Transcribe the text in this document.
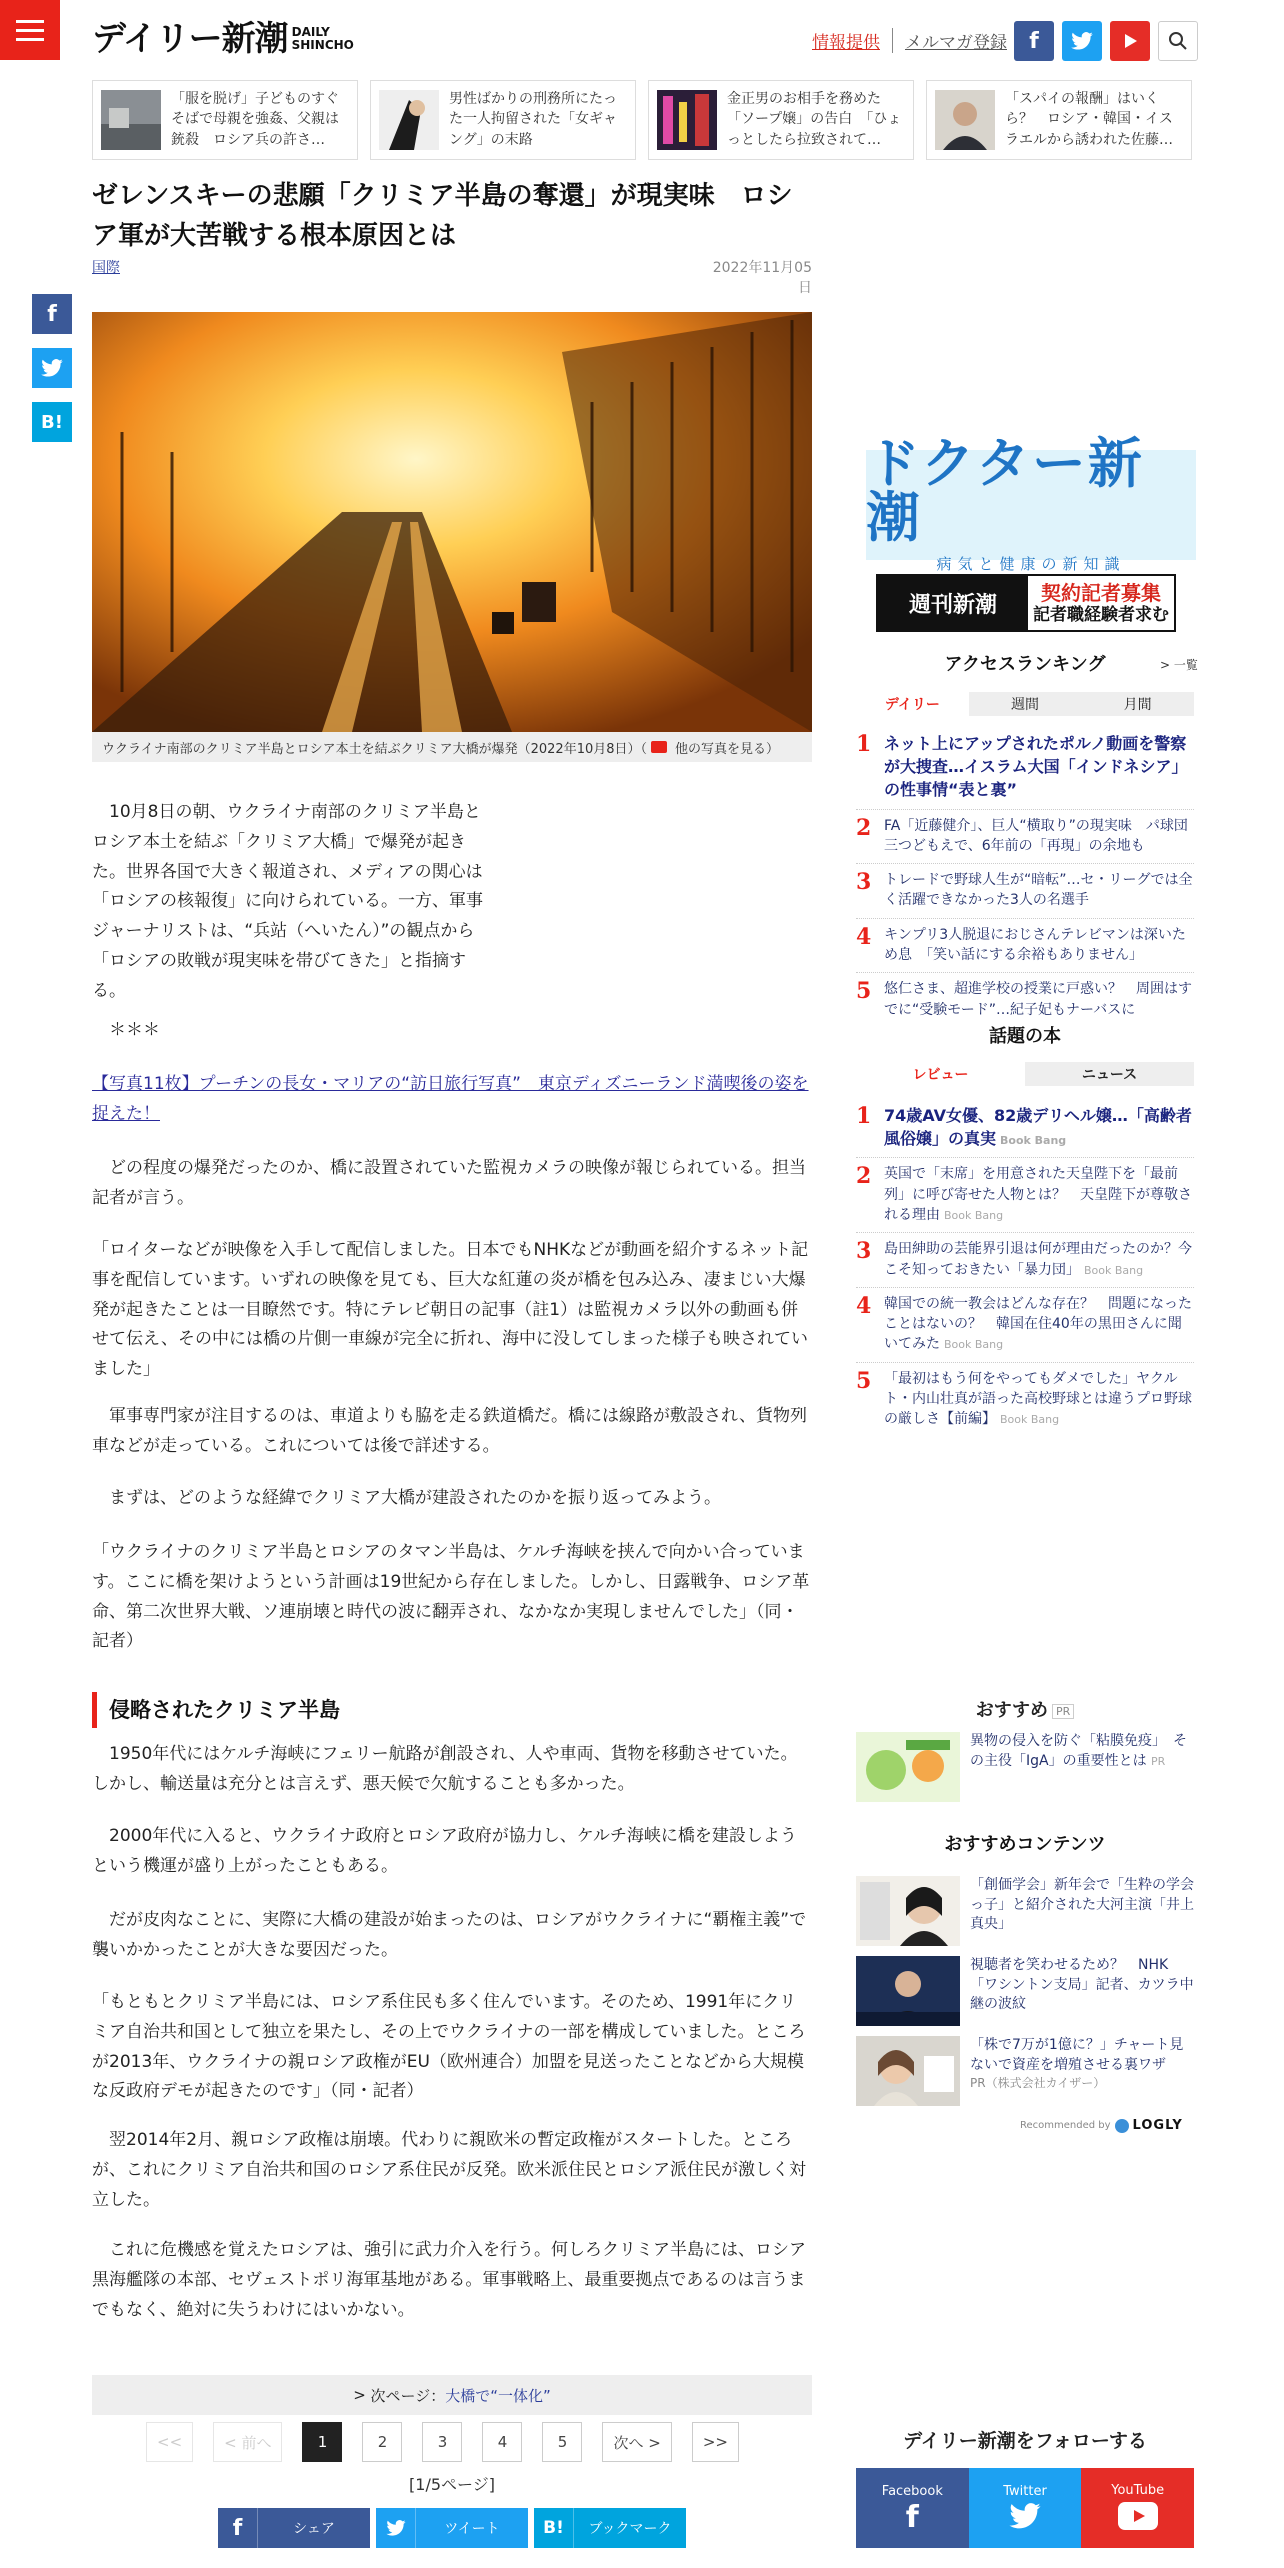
デイリー新潮 DAILY
SHINCHO	情報提供	メルマガ登録	f
「服を脱げ」子どものすぐそばで母親を強姦、父親は銃殺　ロシア兵の許さ…
男性ばかりの刑務所にたった一人拘留された「女ギャング」の末路
金正男のお相手を務めた「ソープ嬢」の告白　「ひょっとしたら拉致されて…
「スパイの報酬」はいくら？　ロシア・韓国・イスラエルから誘われた佐藤…
f
B!
ゼレンスキーの悲願「クリミア半島の奪還」が現実味　ロシア軍が大苦戦する根本原因とは
国際	2022年11月05日
ウクライナ南部のクリミア半島とロシア本土を結ぶクリミア大橋が爆発（2022年10月8日）（ 他の写真を見る）

　10月8日の朝、ウクライナ南部のクリミア半島とロシア本土を結ぶ「クリミア大橋」で爆発が起きた。世界各国で大きく報道され、メディアの関心は「ロシアの核報復」に向けられている。一方、軍事ジャーナリストは、“兵站（へいたん）”の観点から「ロシアの敗戦が現実味を帯びてきた」と指摘する。

　＊＊＊

【写真11枚】プーチンの長女・マリアの“訪日旅行写真”　東京ディズニーランド満喫後の姿を捉えた！

　どの程度の爆発だったのか、橋に設置されていた監視カメラの映像が報じられている。担当記者が言う。

「ロイターなどが映像を入手して配信しました。日本でもNHKなどが動画を紹介するネット記事を配信しています。いずれの映像を見ても、巨大な紅蓮の炎が橋を包み込み、凄まじい大爆発が起きたことは一目瞭然です。特にテレビ朝日の記事（註1）は監視カメラ以外の動画も併せて伝え、その中には橋の片側一車線が完全に折れ、海中に没してしまった様子も映されていました」

　軍事専門家が注目するのは、車道よりも脇を走る鉄道橋だ。橋には線路が敷設され、貨物列車などが走っている。これについては後で詳述する。

　まずは、どのような経緯でクリミア大橋が建設されたのかを振り返ってみよう。

「ウクライナのクリミア半島とロシアのタマン半島は、ケルチ海峡を挟んで向かい合っています。ここに橋を架けようという計画は19世紀から存在しました。しかし、日露戦争、ロシア革命、第二次世界大戦、ソ連崩壊と時代の波に翻弄され、なかなか実現しませんでした」（同・記者）

侵略されたクリミア半島

　1950年代にはケルチ海峡にフェリー航路が創設され、人や車両、貨物を移動させていた。しかし、輸送量は充分とは言えず、悪天候で欠航することも多かった。

　2000年代に入ると、ウクライナ政府とロシア政府が協力し、ケルチ海峡に橋を建設しようという機運が盛り上がったこともある。

　だが皮肉なことに、実際に大橋の建設が始まったのは、ロシアがウクライナに“覇権主義”で襲いかかったことが大きな要因だった。

「もともとクリミア半島には、ロシア系住民も多く住んでいます。そのため、1991年にクリミア自治共和国として独立を果たし、その上でウクライナの一部を構成していました。ところが2013年、ウクライナの親ロシア政権がEU（欧州連合）加盟を見送ったことなどから大規模な反政府デモが起きたのです」（同・記者）

　翌2014年2月、親ロシア政権は崩壊。代わりに親欧米の暫定政権がスタートした。ところが、これにクリミア自治共和国のロシア系住民が反発。欧米派住民とロシア派住民が激しく対立した。

　これに危機感を覚えたロシアは、強引に武力介入を行う。何しろクリミア半島には、ロシア黒海艦隊の本部、セヴェストポリ海軍基地がある。軍事戦略上、最重要拠点であるのは言うまでもなく、絶対に失うわけにはいかない。

> 次ページ： 大橋で“一体化”
<<	< 前へ	1	2	3	4	5	次へ >	>>
[1/5ページ]
f	シェア	ツイート	B!	ブックマーク
ドクター新潮
病気と健康の新知識
週刊新潮	契約記者募集
記者職経験者求む
アクセスランキング	> 一覧
デイリー	週間	月間
1 ネット上にアップされたポルノ動画を警察が大捜査…イスラム大国「インドネシア」の性事情“表と裏”
2 FA「近藤健介」、巨人“横取り”の現実味　パ球団三つどもえで、6年前の「再現」の余地も
3 トレードで野球人生が“暗転”…セ・リーグでは全く活躍できなかった3人の名選手
4 キンプリ3人脱退におじさんテレビマンは深いため息　「笑い話にする余裕もありません」
5 悠仁さま、超進学校の授業に戸惑い？　周囲はすでに“受験モード”…紀子妃もナーバスに
話題の本
レビュー	ニュース
1 74歳AV女優、82歳デリヘル嬢…「高齢者風俗嬢」の真実 Book Bang
2 英国で「末席」を用意された天皇陛下を「最前列」に呼び寄せた人物とは？　天皇陛下が尊敬される理由 Book Bang
3 島田紳助の芸能界引退は何が理由だったのか？今こそ知っておきたい「暴力団」 Book Bang
4 韓国での統一教会はどんな存在？　問題になったことはないの？　韓国在住40年の黒田さんに聞いてみた Book Bang
5 「最初はもう何をやってもダメでした」ヤクルト・内山壮真が語った高校野球とは違うプロ野球の厳しさ【前編】 Book Bang
おすすめ PR
異物の侵入を防ぐ「粘膜免疫」　その主役「IgA」の重要性とは PR
おすすめコンテンツ
「創価学会」新年会で「生粋の学会っ子」と紹介された大河主演「井上真央」
視聴者を笑わせるため？　NHK「ワシントン支局」記者、カツラ中継の波紋
「株で7万が1億に？」チャート見ないで資産を増殖させる裏ワザ
PR（株式会社カイザー）
Recommended by LOGLY
デイリー新潮をフォローする
Facebook
f
Twitter	YouTube
